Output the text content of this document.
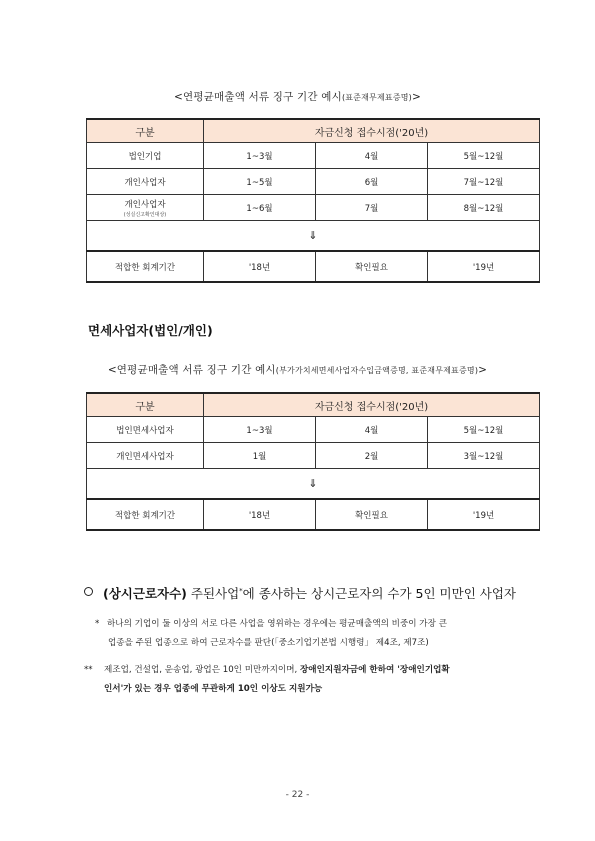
<연평균매출액 서류 징구 기간 예시(표준재무제표증명)>
구분	자금신청 접수시점('20년)		
법인기업	1~3월	4월	5월~12월
개인사업자	1~5월	6월	7월~12월
개인사업자
(성실신고확인대상)	1~6월	7월	8월~12월
⇓			
적합한 회계기간	'18년	확인필요	'19년
면세사업자(법인/개인)
<연평균매출액 서류 징구 기간 예시(부가가치세면세사업자수입금액증명, 표준재무제표증명)>
구분	자금신청 접수시점('20년)		
법인면세사업자	1~3월	4월	5월~12월
개인면세사업자	1월	2월	3월~12월
⇓			
적합한 회계기간	'18년	확인필요	'19년
(상시근로자수) 주된사업*에 종사하는 상시근로자의 수가 5인 미만인 사업자
* 하나의 기업이 둘 이상의 서로 다른 사업을 영위하는 경우에는 평균매출액의 비중이 가장 큰
업종을 주된 업종으로 하여 근로자수를 판단(「중소기업기본법 시행령」 제4조, 제7조)
** 제조업, 건설업, 운송업, 광업은 10인 미만까지이며, 장애인지원자금에 한하여 '장애인기업확
인서'가 있는 경우 업종에 무관하게 10인 이상도 지원가능
- 22 -
